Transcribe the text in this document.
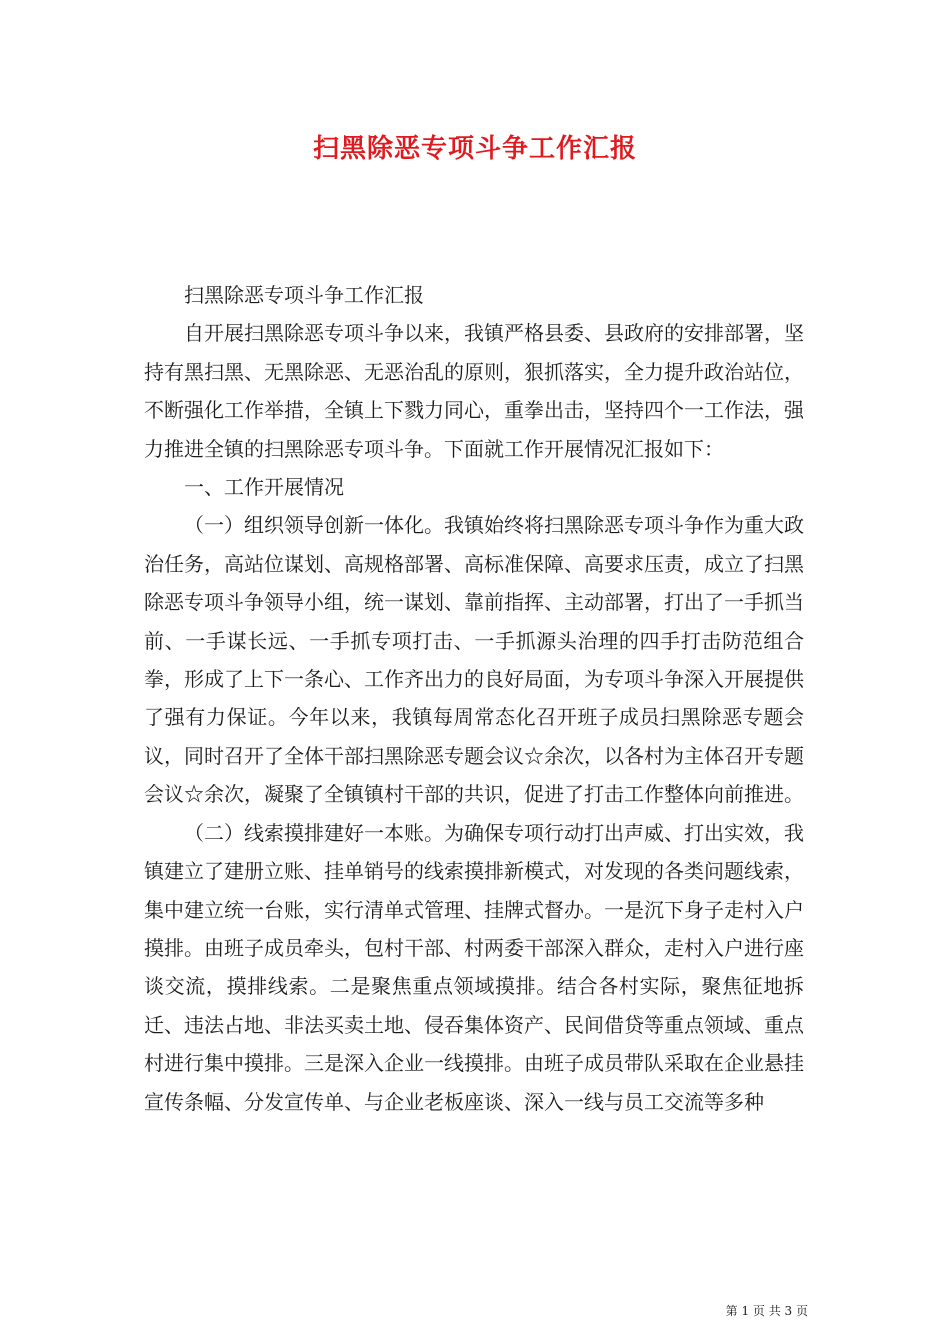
扫黑除恶专项斗争工作汇报

扫黑除恶专项斗争工作汇报

自开展扫黑除恶专项斗争以来，我镇严格县委、县政府的安排部署，坚持有黑扫黑、无黑除恶、无恶治乱的原则，狠抓落实，全力提升政治站位，不断强化工作举措，全镇上下戮力同心，重拳出击，坚持四个一工作法，强力推进全镇的扫黑除恶专项斗争。下面就工作开展情况汇报如下：

一、工作开展情况

（一）组织领导创新一体化。我镇始终将扫黑除恶专项斗争作为重大政治任务，高站位谋划、高规格部署、高标准保障、高要求压责，成立了扫黑除恶专项斗争领导小组，统一谋划、靠前指挥、主动部署，打出了一手抓当前、一手谋长远、一手抓专项打击、一手抓源头治理的四手打击防范组合拳，形成了上下一条心、工作齐出力的良好局面，为专项斗争深入开展提供了强有力保证。今年以来，我镇每周常态化召开班子成员扫黑除恶专题会议，同时召开了全体干部扫黑除恶专题会议☆余次，以各村为主体召开专题会议☆余次，凝聚了全镇镇村干部的共识，促进了打击工作整体向前推进。

（二）线索摸排建好一本账。为确保专项行动打出声威、打出实效，我镇建立了建册立账、挂单销号的线索摸排新模式，对发现的各类问题线索，集中建立统一台账，实行清单式管理、挂牌式督办。一是沉下身子走村入户摸排。由班子成员牵头，包村干部、村两委干部深入群众，走村入户进行座谈交流，摸排线索。二是聚焦重点领域摸排。结合各村实际，聚焦征地拆迁、违法占地、非法买卖土地、侵吞集体资产、民间借贷等重点领域、重点村进行集中摸排。三是深入企业一线摸排。由班子成员带队采取在企业悬挂宣传条幅、分发宣传单、与企业老板座谈、深入一线与员工交流等多种

第 1 页 共 3 页
